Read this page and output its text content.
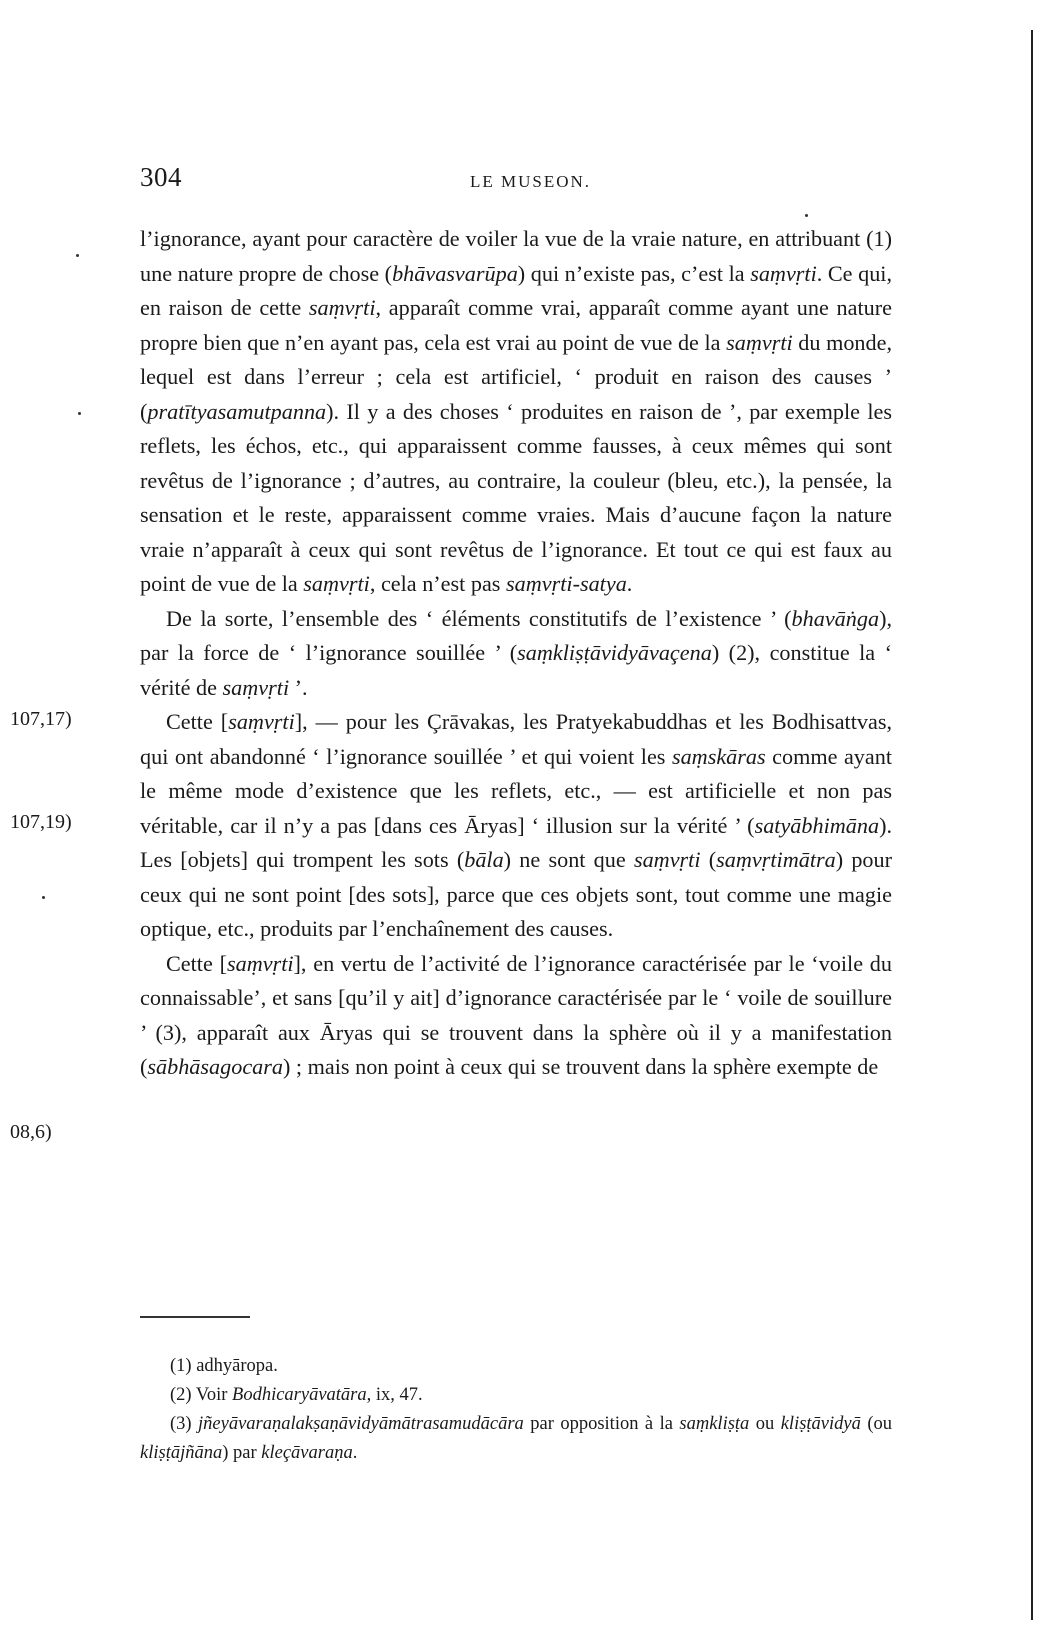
304	LE MUSEON.
107,17)
107,19)
08,6)

l’ignorance, ayant pour caractère de voiler la vue de la vraie nature, en attribuant (1) une nature propre de chose (bhāvasvarūpa) qui n’existe pas, c’est la saṃvṛti. Ce qui, en raison de cette saṃvṛti, apparaît comme vrai, apparaît comme ayant une nature propre bien que n’en ayant pas, cela est vrai au point de vue de la saṃvṛti du monde, lequel est dans l’erreur ; cela est artificiel, ‘ produit en raison des causes ’ (pratītyasamutpanna). Il y a des choses ‘ produites en raison de ’, par exemple les reflets, les échos, etc., qui apparaissent comme fausses, à ceux mêmes qui sont revêtus de l’ignorance ; d’autres, au contraire, la couleur (bleu, etc.), la pensée, la sensation et le reste, apparaissent comme vraies. Mais d’aucune façon la nature vraie n’apparaît à ceux qui sont revêtus de l’ignorance. Et tout ce qui est faux au point de vue de la saṃvṛti, cela n’est pas saṃvṛti-satya.

De la sorte, l’ensemble des ‘ éléments constitutifs de l’existence ’ (bhavāṅga), par la force de ‘ l’ignorance souillée ’ (saṃkliṣṭāvidyāvaçena) (2), constitue la ‘ vérité de saṃvṛti ’.

Cette [saṃvṛti], — pour les Çrāvakas, les Pratyekabuddhas et les Bodhisattvas, qui ont abandonné ‘ l’ignorance souillée ’ et qui voient les saṃskāras comme ayant le même mode d’existence que les reflets, etc., — est artificielle et non pas véritable, car il n’y a pas [dans ces Āryas] ‘ illusion sur la vérité ’ (satyābhimāna). Les [objets] qui trompent les sots (bāla) ne sont que saṃvṛti (saṃvṛtimātra) pour ceux qui ne sont point [des sots], parce que ces objets sont, tout comme une magie optique, etc., produits par l’enchaînement des causes.

Cette [saṃvṛti], en vertu de l’activité de l’ignorance caractérisée par le ‘voile du connaissable’, et sans [qu’il y ait] d’ignorance caractérisée par le ‘ voile de souillure ’ (3), apparaît aux Āryas qui se trouvent dans la sphère où il y a manifestation (sābhāsagocara) ; mais non point à ceux qui se trouvent dans la sphère exempte de

(1) adhyāropa.

(2) Voir Bodhicaryāvatāra, ix, 47.

(3) jñeyāvaraṇalakṣaṇāvidyāmātrasamudācāra par opposition à la saṃkliṣṭa ou kliṣṭāvidyā (ou kliṣṭājñāna) par kleçāvaraṇa.
